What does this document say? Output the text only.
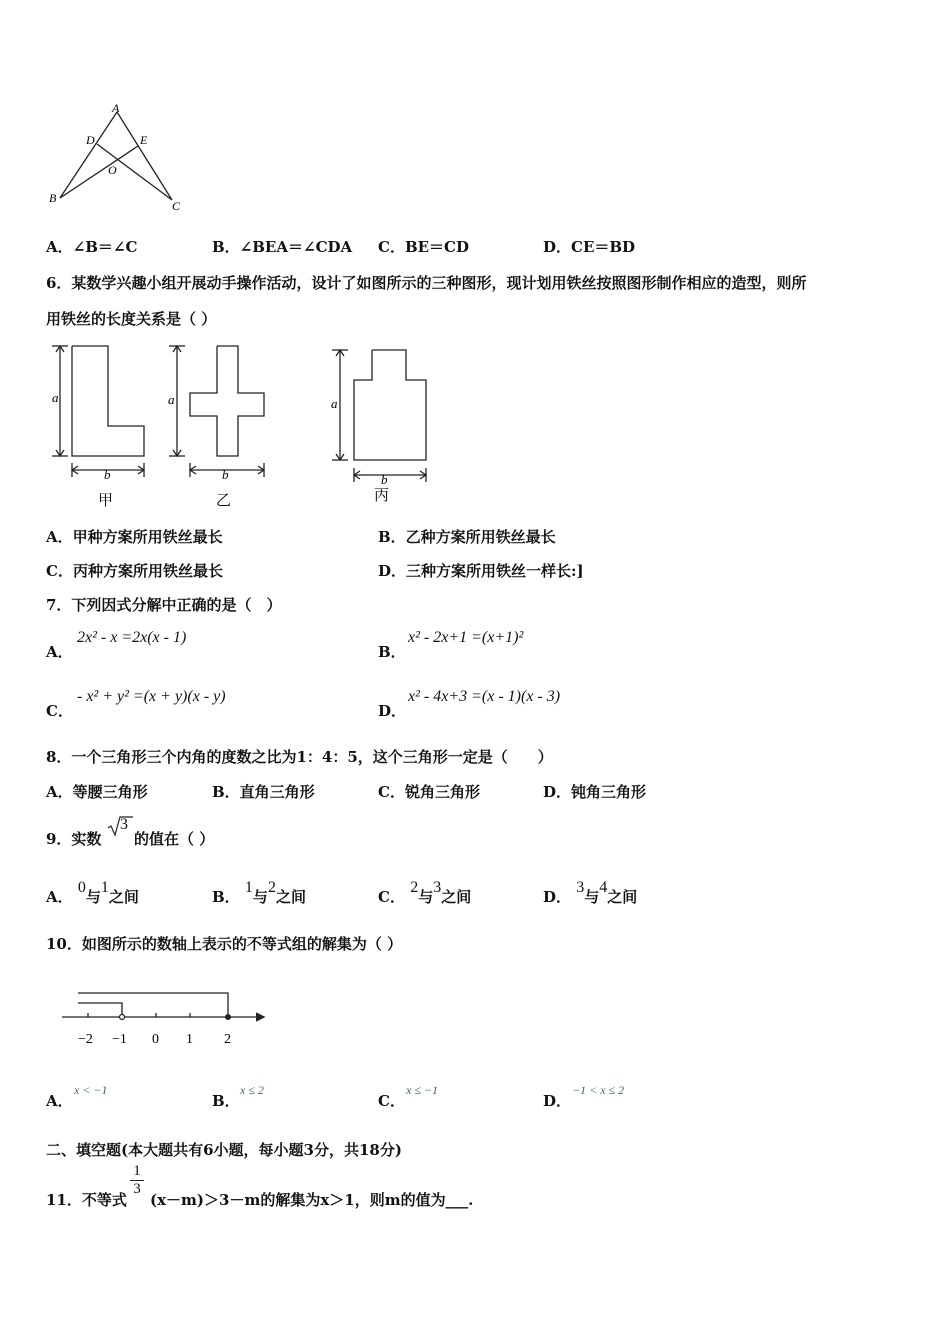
A
D	E
O
B
C
A．∠B＝∠C	B．∠BEA＝∠CDA C．BE＝CD	D．CE＝BD
6．某数学兴趣小组开展动手操作活动，设计了如图所示的三种图形，现计划用铁丝按照图形制作相应的造型，则所
用铁丝的长度关系是（ ）
a
b
甲
a
b
乙
a
b
丙
A．甲种方案所用铁丝最长	B．乙种方案所用铁丝最长
C．丙种方案所用铁丝最长	D．三种方案所用铁丝一样长:]
7．下列因式分解中正确的是（　）
A．
2x² - x =2x(x - 1)
B．
x² - 2x+1 =(x+1)²
C．
- x² + y² =(x + y)(x - y)
D．
x² - 4x+3 =(x - 1)(x - 3)
8．一个三角形三个内角的度数之比为1：4：5，这个三角形一定是（　　）
A．等腰三角形	B．直角三角形	C．锐角三角形	D．钝角三角形
9．实数
3
的值在（ ）
A． 0与1之间	B． 1与2之间	C． 2与3之间	D． 3与4之间
10．如图所示的数轴上表示的不等式组的解集为（ ）
−2 −1 0 1 2
A．
x < −1
B．
x ≤ 2
C．
x ≤ −1
D．
−1 < x ≤ 2
二、填空题(本大题共有6小题，每小题3分，共18分)
11．不等式
$\frac{1}{3}$
(x－m)＞3－m的解集为x＞1，则m的值为___.
